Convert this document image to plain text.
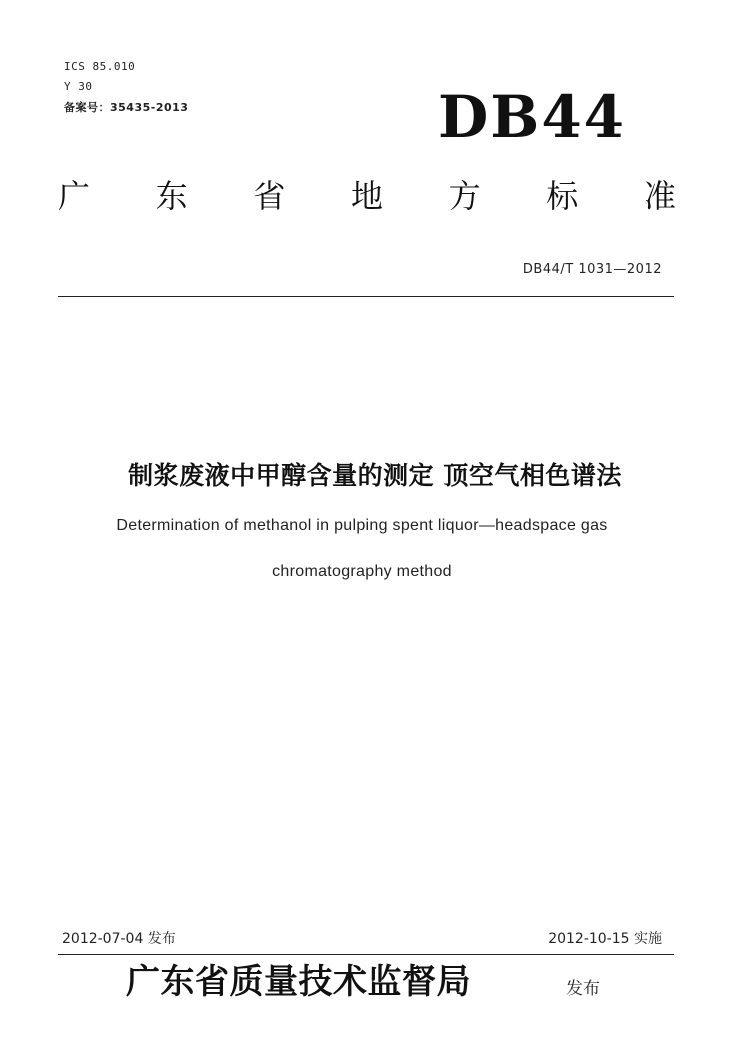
ICS 85.010
Y 30
备案号：35435-2013	DB44
广 东 省 地 方 标 准
DB44/T 1031—2012
制浆废液中甲醇含量的测定 顶空气相色谱法
Determination of methanol in pulping spent liquor—headspace gas
chromatography method
2012-07-04 发布	2012-10-15 实施
广东省质量技术监督局	发布
